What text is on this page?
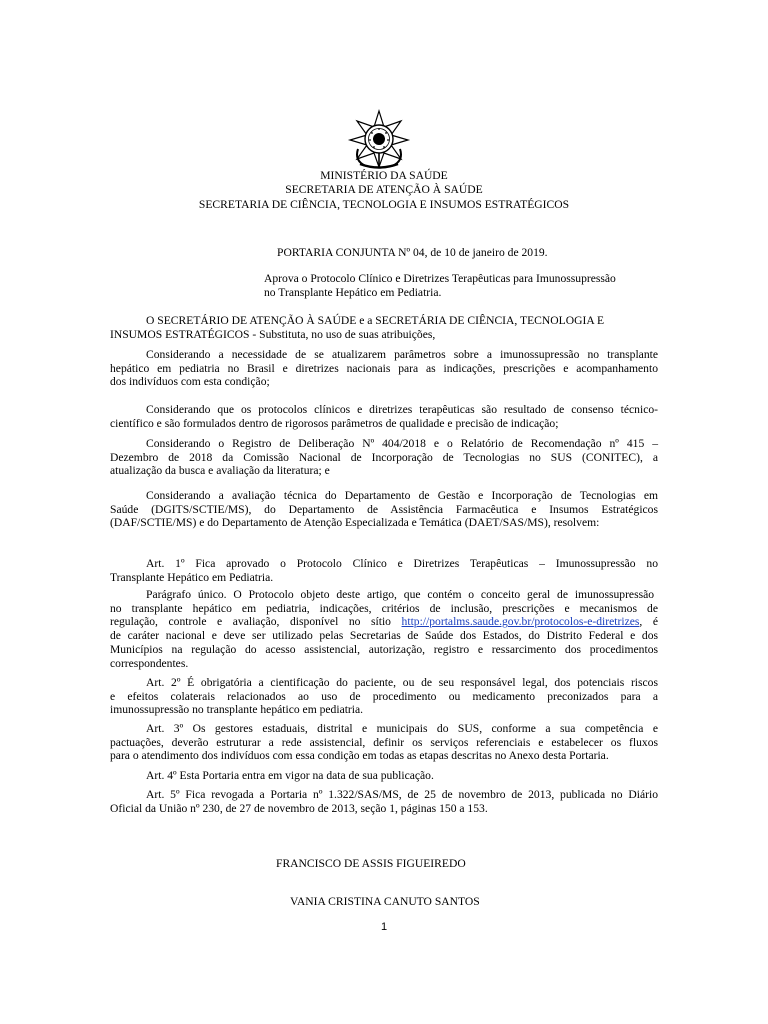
MINISTÉRIO DA SAÚDE
SECRETARIA DE ATENÇÃO À SAÚDE
SECRETARIA DE CIÊNCIA, TECNOLOGIA E INSUMOS ESTRATÉGICOS
PORTARIA CONJUNTA Nº 04, de 10 de janeiro de 2019.
Aprova o Protocolo Clínico e Diretrizes Terapêuticas para Imunossupressão
no Transplante Hepático em Pediatria.
O SECRETÁRIO DE ATENÇÃO À SAÚDE e a SECRETÁRIA DE CIÊNCIA, TECNOLOGIA E
INSUMOS ESTRATÉGICOS - Substituta, no uso de suas atribuições,
Considerando a necessidade de se atualizarem parâmetros sobre a imunossupressão no transplante
hepático em pediatria no Brasil e diretrizes nacionais para as indicações, prescrições e acompanhamento
dos indivíduos com esta condição;
Considerando que os protocolos clínicos e diretrizes terapêuticas são resultado de consenso técnico-
científico e são formulados dentro de rigorosos parâmetros de qualidade e precisão de indicação;
Considerando o Registro de Deliberação Nº 404/2018 e o Relatório de Recomendação nº 415 –
Dezembro de 2018 da Comissão Nacional de Incorporação de Tecnologias no SUS (CONITEC), a
atualização da busca e avaliação da literatura; e
Considerando a avaliação técnica do Departamento de Gestão e Incorporação de Tecnologias em
Saúde (DGITS/SCTIE/MS), do Departamento de Assistência Farmacêutica e Insumos Estratégicos
(DAF/SCTIE/MS) e do Departamento de Atenção Especializada e Temática (DAET/SAS/MS), resolvem:
Art. 1º Fica aprovado o Protocolo Clínico e Diretrizes Terapêuticas – Imunossupressão no
Transplante Hepático em Pediatria.
Parágrafo único. O Protocolo objeto deste artigo, que contém o conceito geral de imunossupressão
no transplante hepático em pediatria, indicações, critérios de inclusão, prescrições e mecanismos de
regulação, controle e avaliação, disponível no sítio http://portalms.saude.gov.br/protocolos-e-diretrizes, é
de caráter nacional e deve ser utilizado pelas Secretarias de Saúde dos Estados, do Distrito Federal e dos
Municípios na regulação do acesso assistencial, autorização, registro e ressarcimento dos procedimentos
correspondentes.
Art. 2º É obrigatória a cientificação do paciente, ou de seu responsável legal, dos potenciais riscos
e efeitos colaterais relacionados ao uso de procedimento ou medicamento preconizados para a
imunossupressão no transplante hepático em pediatria.
Art. 3º Os gestores estaduais, distrital e municipais do SUS, conforme a sua competência e
pactuações, deverão estruturar a rede assistencial, definir os serviços referenciais e estabelecer os fluxos
para o atendimento dos indivíduos com essa condição em todas as etapas descritas no Anexo desta Portaria.
Art. 4º Esta Portaria entra em vigor na data de sua publicação.
Art. 5º Fica revogada a Portaria nº 1.322/SAS/MS, de 25 de novembro de 2013, publicada no Diário
Oficial da União nº 230, de 27 de novembro de 2013, seção 1, páginas 150 a 153.
FRANCISCO DE ASSIS FIGUEIREDO
VANIA CRISTINA CANUTO SANTOS
1
